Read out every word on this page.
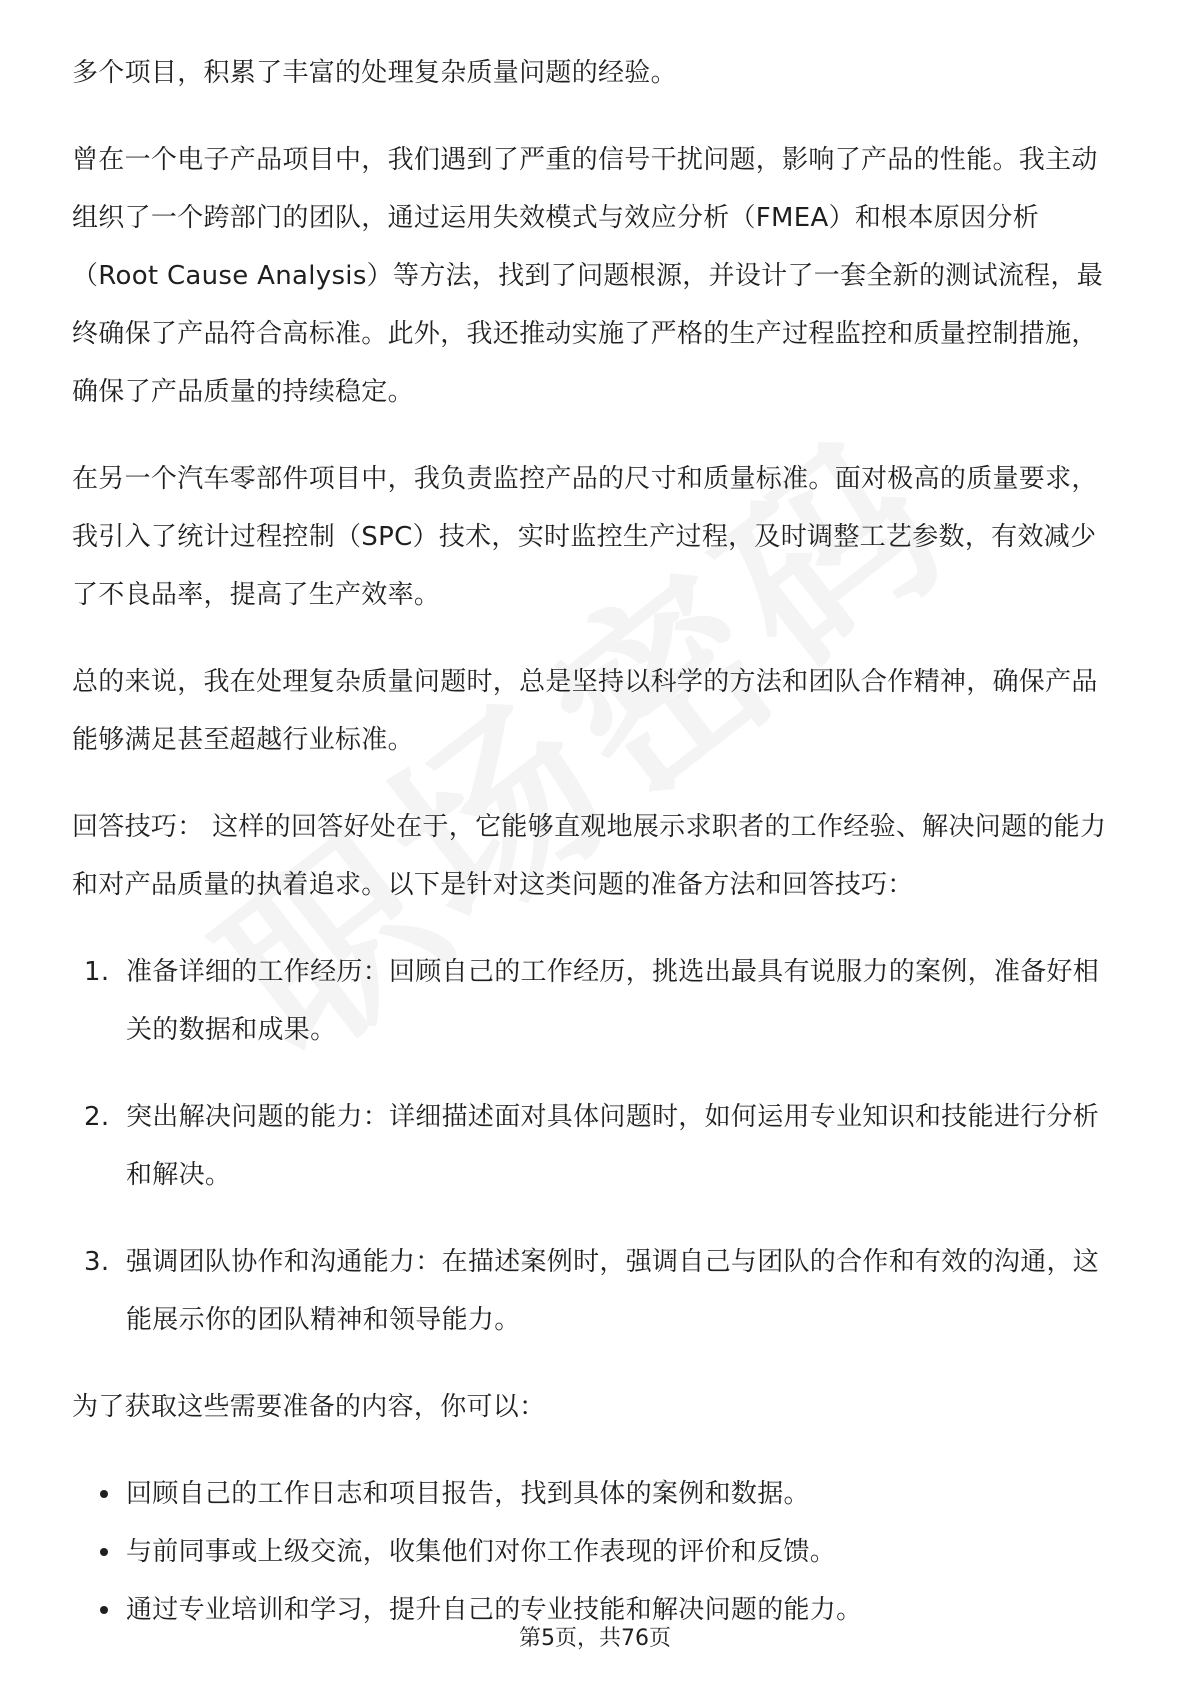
多个项目，积累了丰富的处理复杂质量问题的经验。

曾在一个电子产品项目中，我们遇到了严重的信号干扰问题，影响了产品的性能。我主动组织了一个跨部门的团队，通过运用失效模式与效应分析（FMEA）和根本原因分析（Root Cause Analysis）等方法，找到了问题根源，并设计了一套全新的测试流程，最终确保了产品符合高标准。此外，我还推动实施了严格的生产过程监控和质量控制措施，确保了产品质量的持续稳定。

在另一个汽车零部件项目中，我负责监控产品的尺寸和质量标准。面对极高的质量要求，我引入了统计过程控制（SPC）技术，实时监控生产过程，及时调整工艺参数，有效减少了不良品率，提高了生产效率。

总的来说，我在处理复杂质量问题时，总是坚持以科学的方法和团队合作精神，确保产品能够满足甚至超越行业标准。

回答技巧： 这样的回答好处在于，它能够直观地展示求职者的工作经验、解决问题的能力和对产品质量的执着追求。以下是针对这类问题的准备方法和回答技巧：

1. 准备详细的工作经历：回顾自己的工作经历，挑选出最具有说服力的案例，准备好相关的数据和成果。
2. 突出解决问题的能力：详细描述面对具体问题时，如何运用专业知识和技能进行分析和解决。
3. 强调团队协作和沟通能力：在描述案例时，强调自己与团队的合作和有效的沟通，这能展示你的团队精神和领导能力。

为了获取这些需要准备的内容，你可以：

回顾自己的工作日志和项目报告，找到具体的案例和数据。
与前同事或上级交流，收集他们对你工作表现的评价和反馈。
通过专业培训和学习，提升自己的专业技能和解决问题的能力。
第5页，共76页
